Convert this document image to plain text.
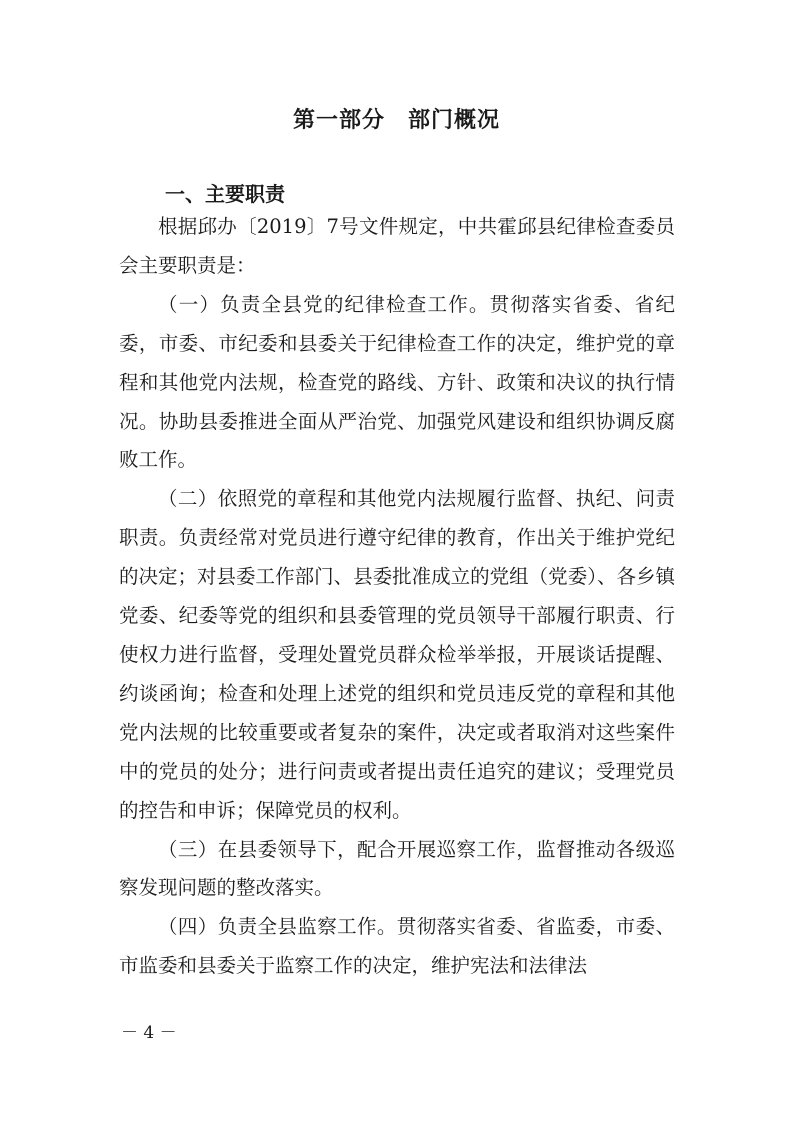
第一部分　部门概况
一、主要职责

根据邱办〔2019〕7号文件规定，中共霍邱县纪律检查委员会主要职责是：

（一）负责全县党的纪律检查工作。贯彻落实省委、省纪委，市委、市纪委和县委关于纪律检查工作的决定，维护党的章程和其他党内法规，检查党的路线、方针、政策和决议的执行情况。协助县委推进全面从严治党、加强党风建设和组织协调反腐败工作。

（二）依照党的章程和其他党内法规履行监督、执纪、问责职责。负责经常对党员进行遵守纪律的教育，作出关于维护党纪的决定；对县委工作部门、县委批准成立的党组（党委）、各乡镇党委、纪委等党的组织和县委管理的党员领导干部履行职责、行使权力进行监督，受理处置党员群众检举举报，开展谈话提醒、约谈函询；检查和处理上述党的组织和党员违反党的章程和其他党内法规的比较重要或者复杂的案件，决定或者取消对这些案件中的党员的处分；进行问责或者提出责任追究的建议；受理党员的控告和申诉；保障党员的权利。

（三）在县委领导下，配合开展巡察工作，监督推动各级巡察发现问题的整改落实。

（四）负责全县监察工作。贯彻落实省委、省监委，市委、市监委和县委关于监察工作的决定，维护宪法和法律法

－ 4 －
